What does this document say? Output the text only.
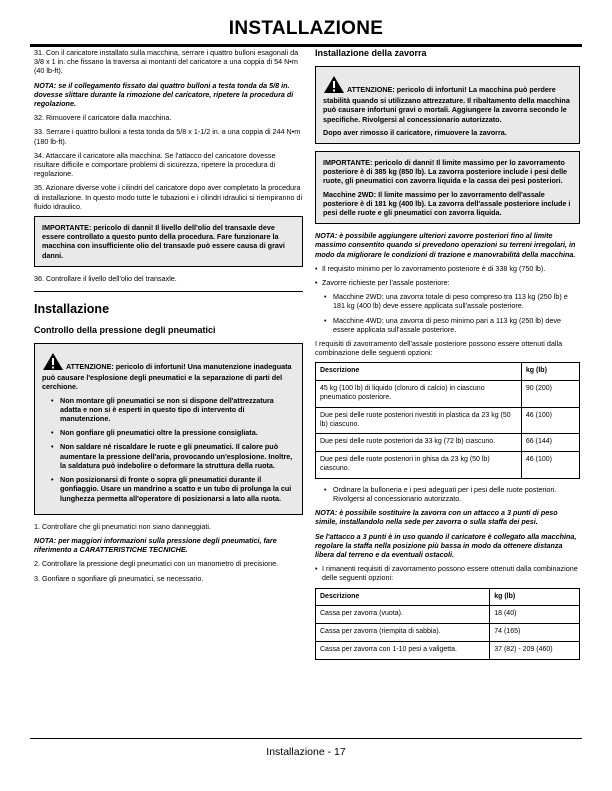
INSTALLAZIONE

31. Con il caricatore installato sulla macchina, serrare i quattro bulloni esagonali da 3/8 x 1 in. che fissano la traversa ai montanti del caricatore a una coppia di 54 N•m (40 lb-ft).

NOTA: se il collegamento fissato dai quattro bulloni a testa tonda da 5/8 in. dovesse slittare durante la rimozione del caricatore, ripetere la procedura di regolazione.

32. Rimuovere il caricatore dalla macchina.

33. Serrare i quattro bulloni a testa tonda da 5/8 x 1-1/2 in. a una coppia di 244 N•m (180 lb-ft).

34. Attaccare il caricatore alla macchina. Se l'attacco del caricatore dovesse risultare difficile e comportare problemi di sicurezza, ripetere la procedura di regolazione.

35. Azionare diverse volte i cilindri del caricatore dopo aver completato la procedura di installazione. In questo modo tutte le tubazioni e i cilindri idraulici si riempiranno di fluido idraulico.

IMPORTANTE: pericolo di danni! Il livello dell'olio del transaxle deve essere controllato a questo punto della procedura. Fare funzionare la macchina con insufficiente olio del transaxle può essere causa di gravi danni.

36. Controllare il livello dell'olio del transaxle.

Installazione
Controllo della pressione degli pneumatici

ATTENZIONE: pericolo di infortuni! Una manutenzione inadeguata può causare l'esplosione degli pneumatici e la separazione di parti del cerchione.

• Non montare gli pneumatici se non si dispone dell'attrezzatura adatta e non si è esperti in questo tipo di intervento di manutenzione.
• Non gonfiare gli pneumatici oltre la pressione consigliata.
• Non saldare né riscaldare le ruote e gli pneumatici. Il calore può aumentare la pressione dell'aria, provocando un'esplosione. Inoltre, la saldatura può indebolire o deformare la struttura della ruota.
• Non posizionarsi di fronte o sopra gli pneumatici durante il gonfiaggio. Usare un mandrino a scatto e un tubo di prolunga la cui lunghezza permetta all'operatore di posizionarsi a lato alla ruota.

1. Controllare che gli pneumatici non siano danneggiati.

NOTA: per maggiori informazioni sulla pressione degli pneumatici, fare riferimento a CARATTERISTICHE TECNICHE.

2. Controllare la pressione degli pneumatici con un manometro di precisione.

3. Gonfiare o sgonfiare gli pneumatici, se necessario.

Installazione della zavorra

ATTENZIONE: pericolo di infortuni! La macchina può perdere stabilità quando si utilizzano attrezzature. Il ribaltamento della macchina può causare infortuni gravi o mortali. Aggiungere la zavorra secondo le specifiche. Rivolgersi al concessionario autorizzato.

Dopo aver rimosso il caricatore, rimuovere la zavorra.

IMPORTANTE: pericolo di danni! Il limite massimo per lo zavorramento posteriore è di 385 kg (850 lb). La zavorra posteriore include i pesi delle ruote, gli pneumatici con zavorra liquida e la cassa dei pesi posteriori.

Macchine 2WD: Il limite massimo per lo zavorramento dell'assale posteriore è di 181 kg (400 lb). La zavorra dell'assale posteriore include i pesi delle ruote e gli pneumatici con zavorra liquida.

NOTA: è possibile aggiungere ulteriori zavorre posteriori fino al limite massimo consentito quando si prevedono operazioni su terreni irregolari, in modo da migliorare le condizioni di trazione e manovrabilità della macchina.

• Il requisito minimo per lo zavorramento posteriore è di 338 kg (750 lb).

• Zavorre richieste per l'assale posteriore:

• Macchine 2WD: una zavorra totale di peso compreso tra 113 kg (250 lb) e 181 kg (400 lb) deve essere applicata sull'assale posteriore.
• Macchine 4WD: una zavorra di peso minimo pari a 113 kg (250 lb) deve essere applicata sull'assale posteriore.

I requisiti di zavorramento dell'assale posteriore possono essere ottenuti dalla combinazione delle seguenti opzioni:

Descrizione	kg (lb)
45 kg (100 lb) di liquido (cloruro di calcio) in ciascuno pneumatico posteriore.	90 (200)
Due pesi delle ruote posteriori rivestiti in plastica da 23 kg (50 lb) ciascuno.	46 (100)
Due pesi delle ruote posteriori da 33 kg (72 lb) ciascuno.	66 (144)
Due pesi delle ruote posteriori in ghisa da 23 kg (50 lb) ciascuno.	46 (100)
• Ordinare la bulloneria e i pesi adeguati per i pesi delle ruote posteriori. Rivolgersi al concessionario autorizzato.

NOTA: è possibile sostituire la zavorra con un attacco a 3 punti di peso simile, installandolo nella sede per zavorra o sulla staffa dei pesi.

Se l'attacco a 3 punti è in uso quando il caricatore è collegato alla macchina, regolare la staffa nella posizione più bassa in modo da ottenere distanza libera dal terreno e da eventuali ostacoli.

• I rimanenti requisiti di zavorramento possono essere ottenuti dalla combinazione delle seguenti opzioni:

Descrizione	kg (lb)
Cassa per zavorra (vuota).	18 (40)
Cassa per zavorra (riempita di sabbia).	74 (165)
Cassa per zavorra con 1-10 pesi a valigetta.	37 (82) - 209 (460)
Installazione - 17
